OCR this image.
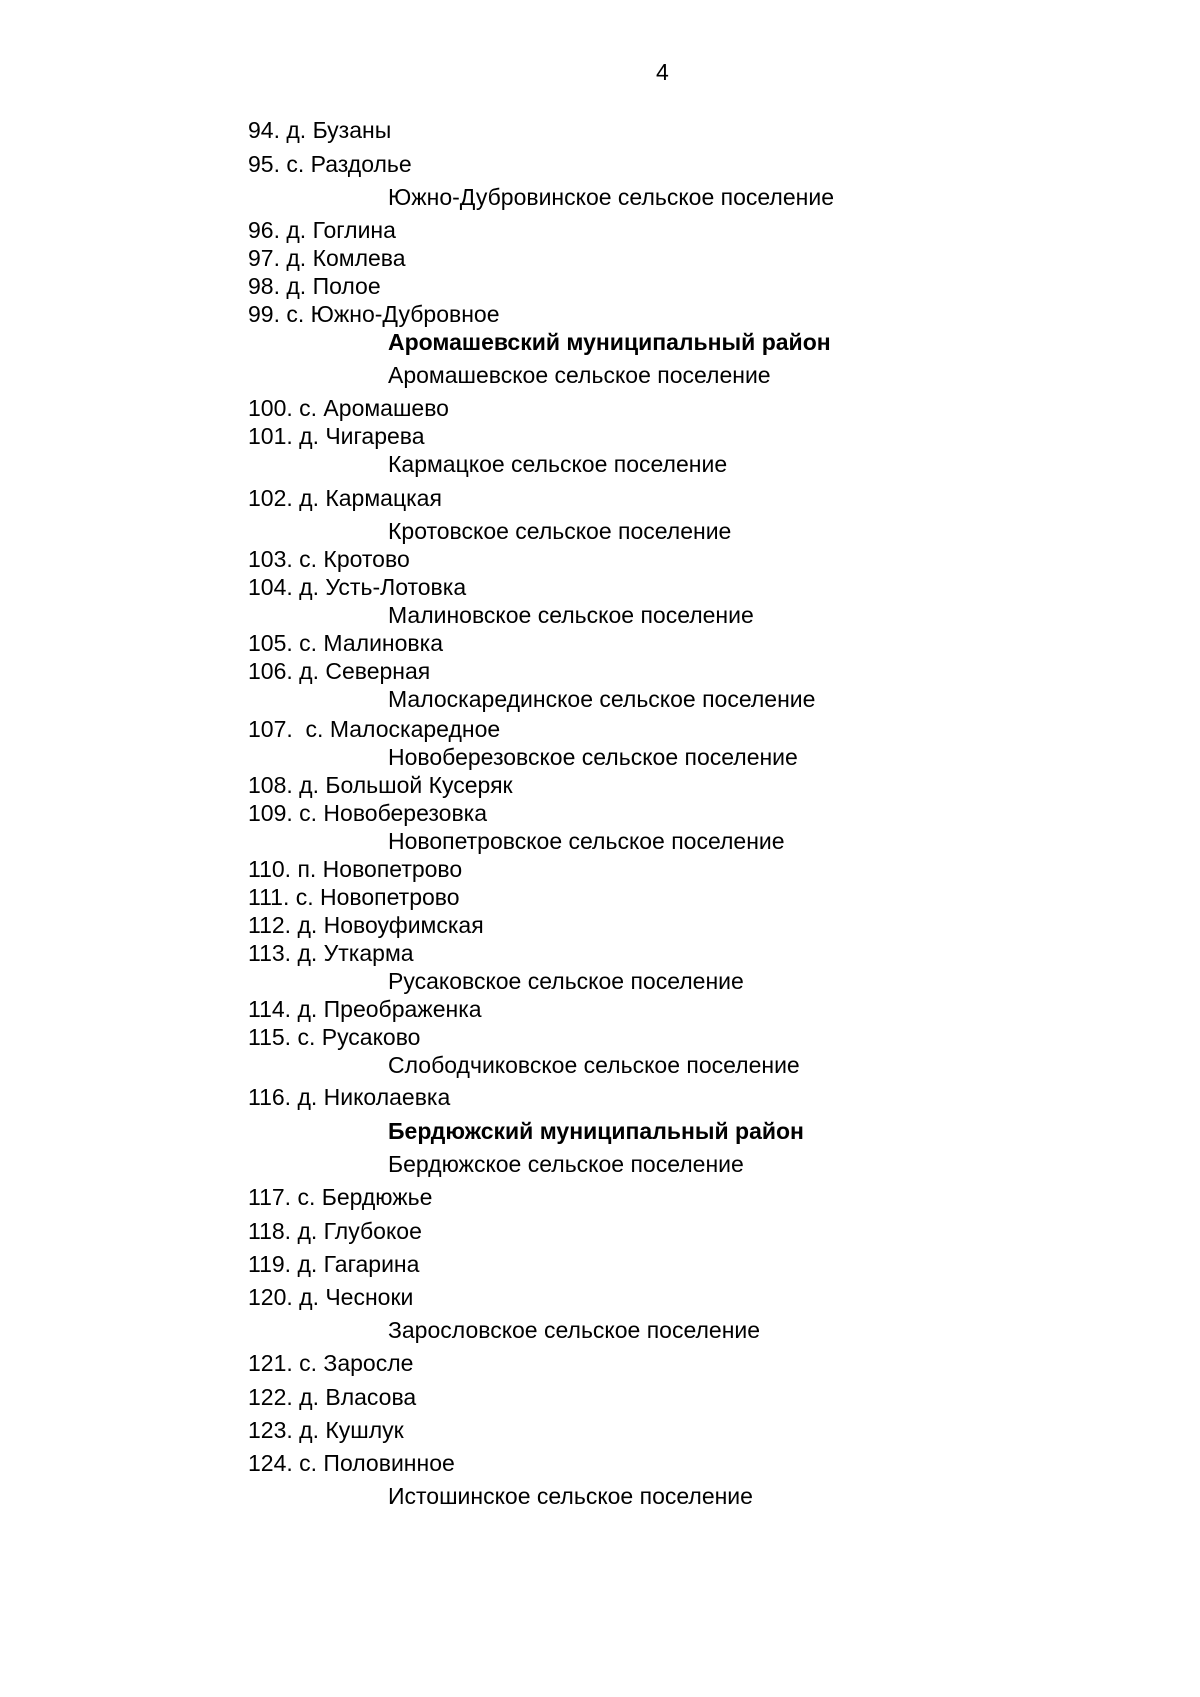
4
94. д. Бузаны
95. с. Раздолье
Южно-Дубровинское сельское поселение
96. д. Гоглина
97. д. Комлева
98. д. Полое
99. с. Южно-Дубровное
Аромашевский муниципальный район
Аромашевское сельское поселение
100. с. Аромашево
101. д. Чигарева
Кармацкое сельское поселение
102. д. Кармацкая
Кротовское сельское поселение
103. с. Кротово
104. д. Усть-Лотовка
Малиновское сельское поселение
105. с. Малиновка
106. д. Северная
Малоскарединское сельское поселение
107.  с. Малоскаредное
Новоберезовское сельское поселение
108. д. Большой Кусеряк
109. с. Новоберезовка
Новопетровское сельское поселение
110. п. Новопетрово
111. с. Новопетрово
112. д. Новоуфимская
113. д. Уткарма
Русаковское сельское поселение
114. д. Преображенка
115. с. Русаково
Слободчиковское сельское поселение
116. д. Николаевка
Бердюжский муниципальный район
Бердюжское сельское поселение
117. с. Бердюжье
118. д. Глубокое
119. д. Гагарина
120. д. Чесноки
Зарословское сельское поселение
121. с. Заросле
122. д. Власова
123. д. Кушлук
124. с. Половинное
Истошинское сельское поселение
